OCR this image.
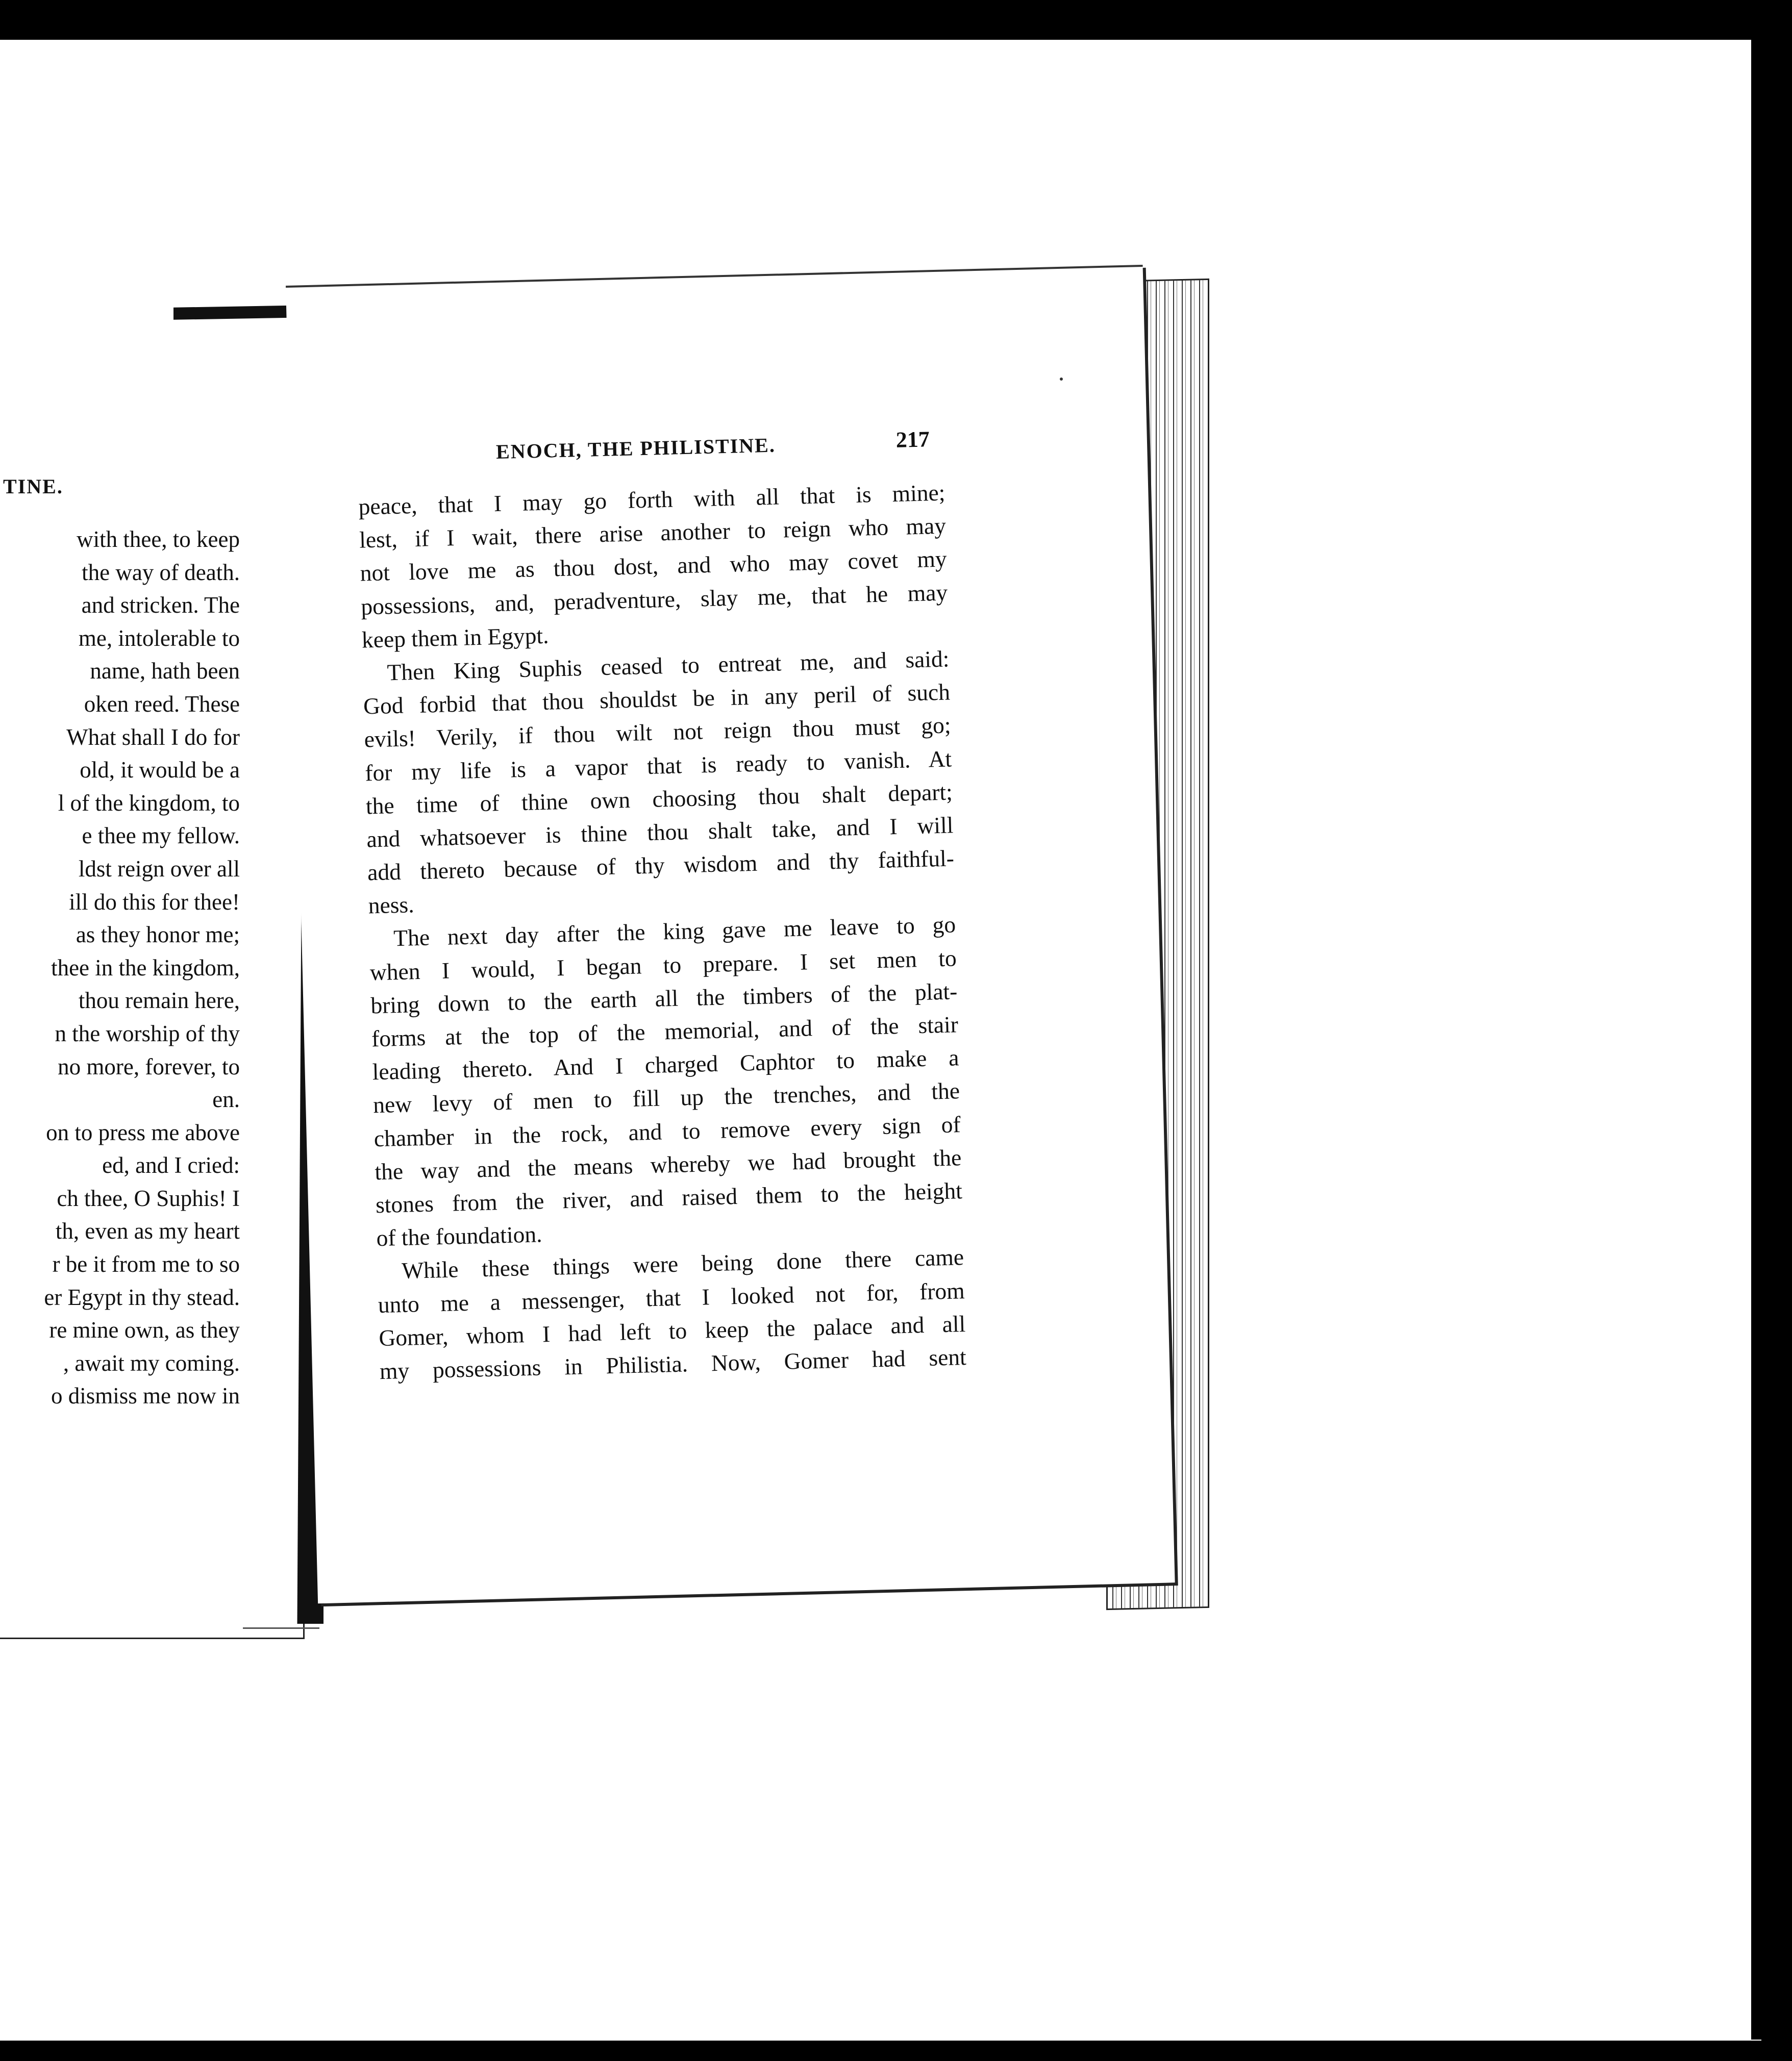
TINE.
with thee, to keep
the way of death.
and stricken. The
me, intolerable to
name, hath been
oken reed. These
What shall I do for
old, it would be a
l of the kingdom, to
e thee my fellow.
ldst reign over all
ill do this for thee!
as they honor me;
thee in the kingdom,
thou remain here,
n the worship of thy
no more, forever, to
en.
on to press me above
ed, and I cried:
ch thee, O Suphis! I
th, even as my heart
r be it from me to so
er Egypt in thy stead.
re mine own, as they
, await my coming.
o dismiss me now in
ENOCH, THE PHILISTINE.	217
peace, that I may go forth with all that is mine;
lest, if I wait, there arise another to reign who may
not love me as thou dost, and who may covet my
possessions, and, peradventure, slay me, that he may
keep them in Egypt.
Then King Suphis ceased to entreat me, and said:
God forbid that thou shouldst be in any peril of such
evils! Verily, if thou wilt not reign thou must go;
for my life is a vapor that is ready to vanish. At
the time of thine own choosing thou shalt depart;
and whatsoever is thine thou shalt take, and I will
add thereto because of thy wisdom and thy faithful-
ness.
The next day after the king gave me leave to go
when I would, I began to prepare. I set men to
bring down to the earth all the timbers of the plat-
forms at the top of the memorial, and of the stair
leading thereto. And I charged Caphtor to make a
new levy of men to fill up the trenches, and the
chamber in the rock, and to remove every sign of
the way and the means whereby we had brought the
stones from the river, and raised them to the height
of the foundation.
While these things were being done there came
unto me a messenger, that I looked not for, from
Gomer, whom I had left to keep the palace and all
my possessions in Philistia. Now, Gomer had sent
